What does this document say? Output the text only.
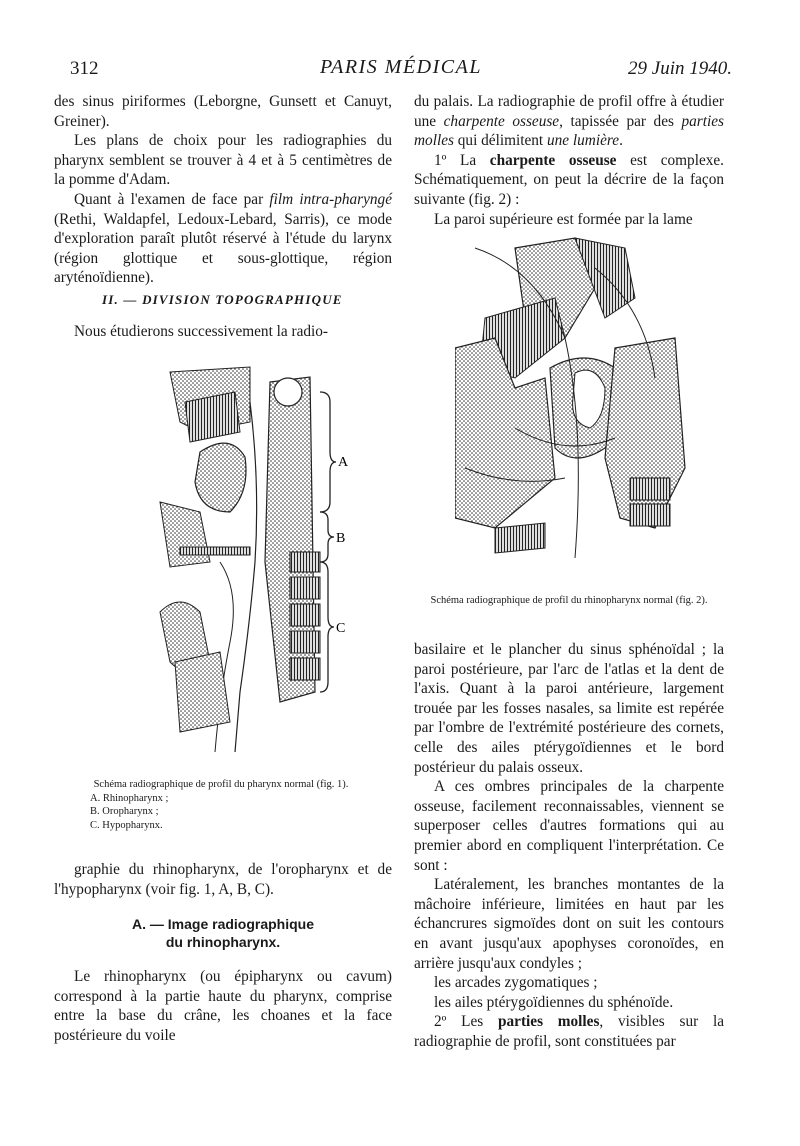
312	PARIS MÉDICAL	29 Juin 1940.

des sinus piriformes (Leborgne, Gunsett et Canuyt, Greiner).

Les plans de choix pour les radiographies du pharynx semblent se trouver à 4 et à 5 centimètres de la pomme d'Adam.

Quant à l'examen de face par film intra-pharyngé (Rethi, Waldapfel, Ledoux-Lebard, Sarris), ce mode d'exploration paraît plutôt réservé à l'étude du larynx (région glottique et sous-glottique, région aryténoïdienne).

II. — DIVISION TOPOGRAPHIQUE

Nous étudierons successivement la radio-

A
B
C

Schéma radiographique de profil du pharynx normal (fig. 1).

A. Rhinopharynx ;

B. Oropharynx ;

C. Hypopharynx.

graphie du rhinopharynx, de l'oropharynx et de l'hypopharynx (voir fig. 1, A, B, C).

A. — Image radiographique

du rhinopharynx.

Le rhinopharynx (ou épipharynx ou cavum) correspond à la partie haute du pharynx, comprise entre la base du crâne, les choanes et la face postérieure du voile

du palais. La radiographie de profil offre à étudier une charpente osseuse, tapissée par des parties molles qui délimitent une lumière.

1º La charpente osseuse est complexe. Schématiquement, on peut la décrire de la façon suivante (fig. 2) :

La paroi supérieure est formée par la lame

Schéma radiographique de profil du rhinopharynx normal (fig. 2).

basilaire et le plancher du sinus sphénoïdal ; la paroi postérieure, par l'arc de l'atlas et la dent de l'axis. Quant à la paroi antérieure, largement trouée par les fosses nasales, sa limite est repérée par l'ombre de l'extrémité postérieure des cornets, celle des ailes ptérygoïdiennes et le bord postérieur du palais osseux.

A ces ombres principales de la charpente osseuse, facilement reconnaissables, viennent se superposer celles d'autres formations qui au premier abord en compliquent l'interprétation. Ce sont :

Latéralement, les branches montantes de la mâchoire inférieure, limitées en haut par les échancrures sigmoïdes dont on suit les contours en avant jusqu'aux apophyses coronoïdes, en arrière jusqu'aux condyles ;

les arcades zygomatiques ;

les ailes ptérygoïdiennes du sphénoïde.

2º Les parties molles, visibles sur la radiographie de profil, sont constituées par
